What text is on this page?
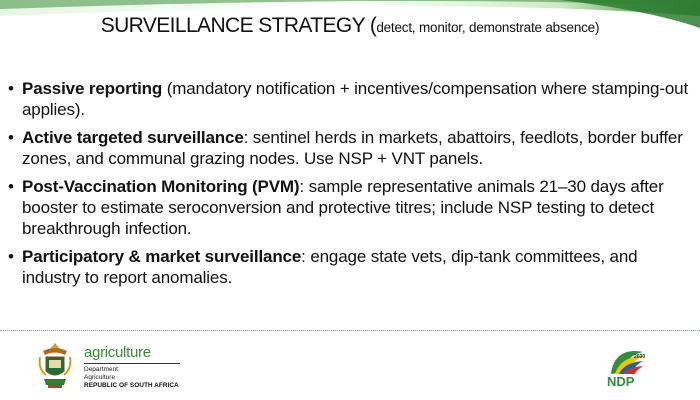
SURVEILLANCE STRATEGY (detect, monitor, demonstrate absence)
• Passive reporting (mandatory notification + incentives/compensation where stamping-out applies).
• Active targeted surveillance: sentinel herds in markets, abattoirs, feedlots, border buffer zones, and communal grazing nodes. Use NSP + VNT panels.
• Post-Vaccination Monitoring (PVM): sample representative animals 21–30 days after booster to estimate seroconversion and protective titres; include NSP testing to detect breakthrough infection.
• Participatory & market surveillance: engage state vets, dip-tank committees, and industry to report anomalies.
agriculture
Department:
Agriculture
REPUBLIC OF SOUTH AFRICA
2030
NDP
